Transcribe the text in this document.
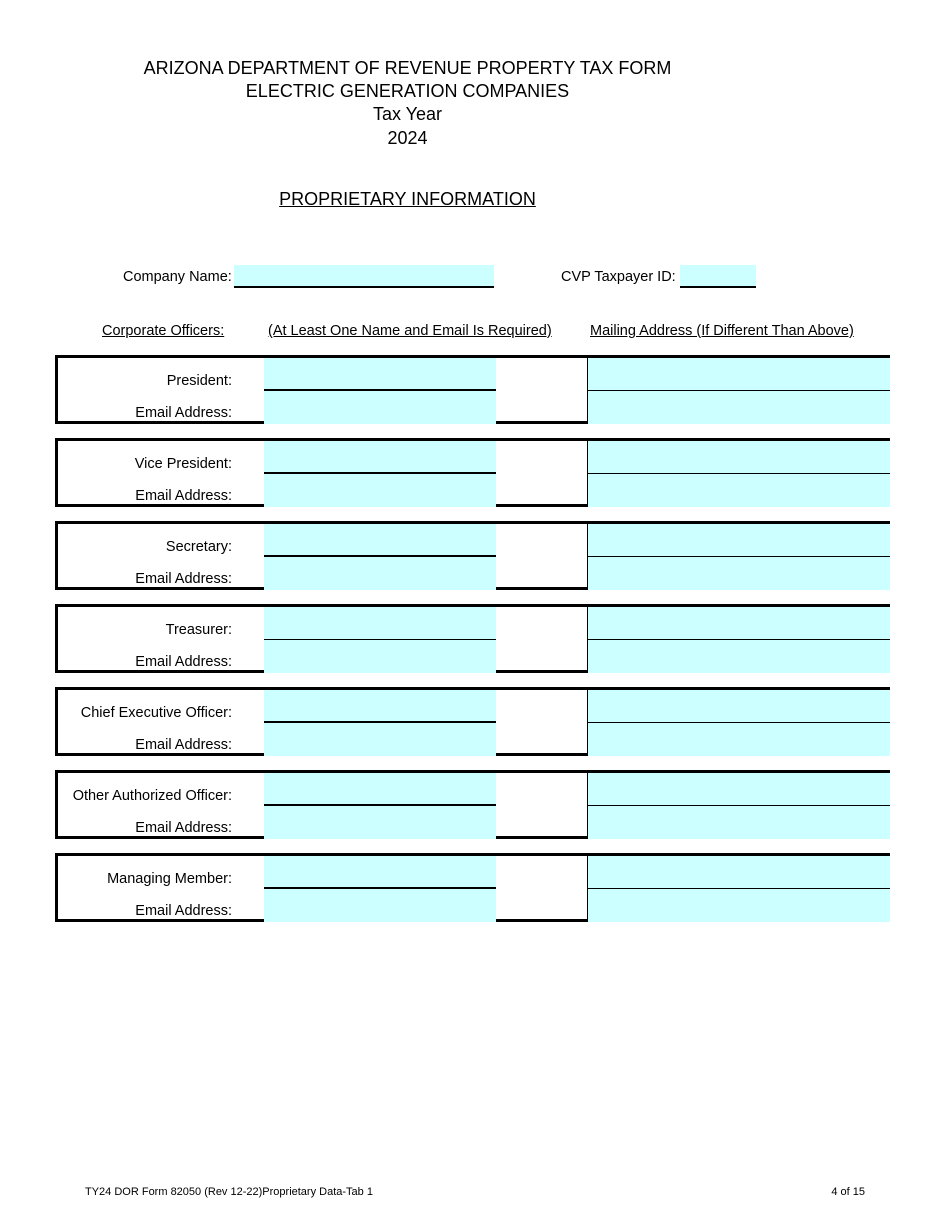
ARIZONA DEPARTMENT OF REVENUE PROPERTY TAX FORM
ELECTRIC GENERATION COMPANIES
Tax Year
2024
PROPRIETARY INFORMATION
Company Name:	CVP Taxpayer ID:
Corporate Officers:	(At Least One Name and Email Is Required)	Mailing Address (If Different Than Above)
President:
Email Address:
Vice President:
Email Address:
Secretary:
Email Address:
Treasurer:
Email Address:
Chief Executive Officer:
Email Address:
Other Authorized Officer:
Email Address:
Managing Member:
Email Address:
TY24 DOR Form 82050 (Rev 12-22)Proprietary Data-Tab 1	4 of 15
